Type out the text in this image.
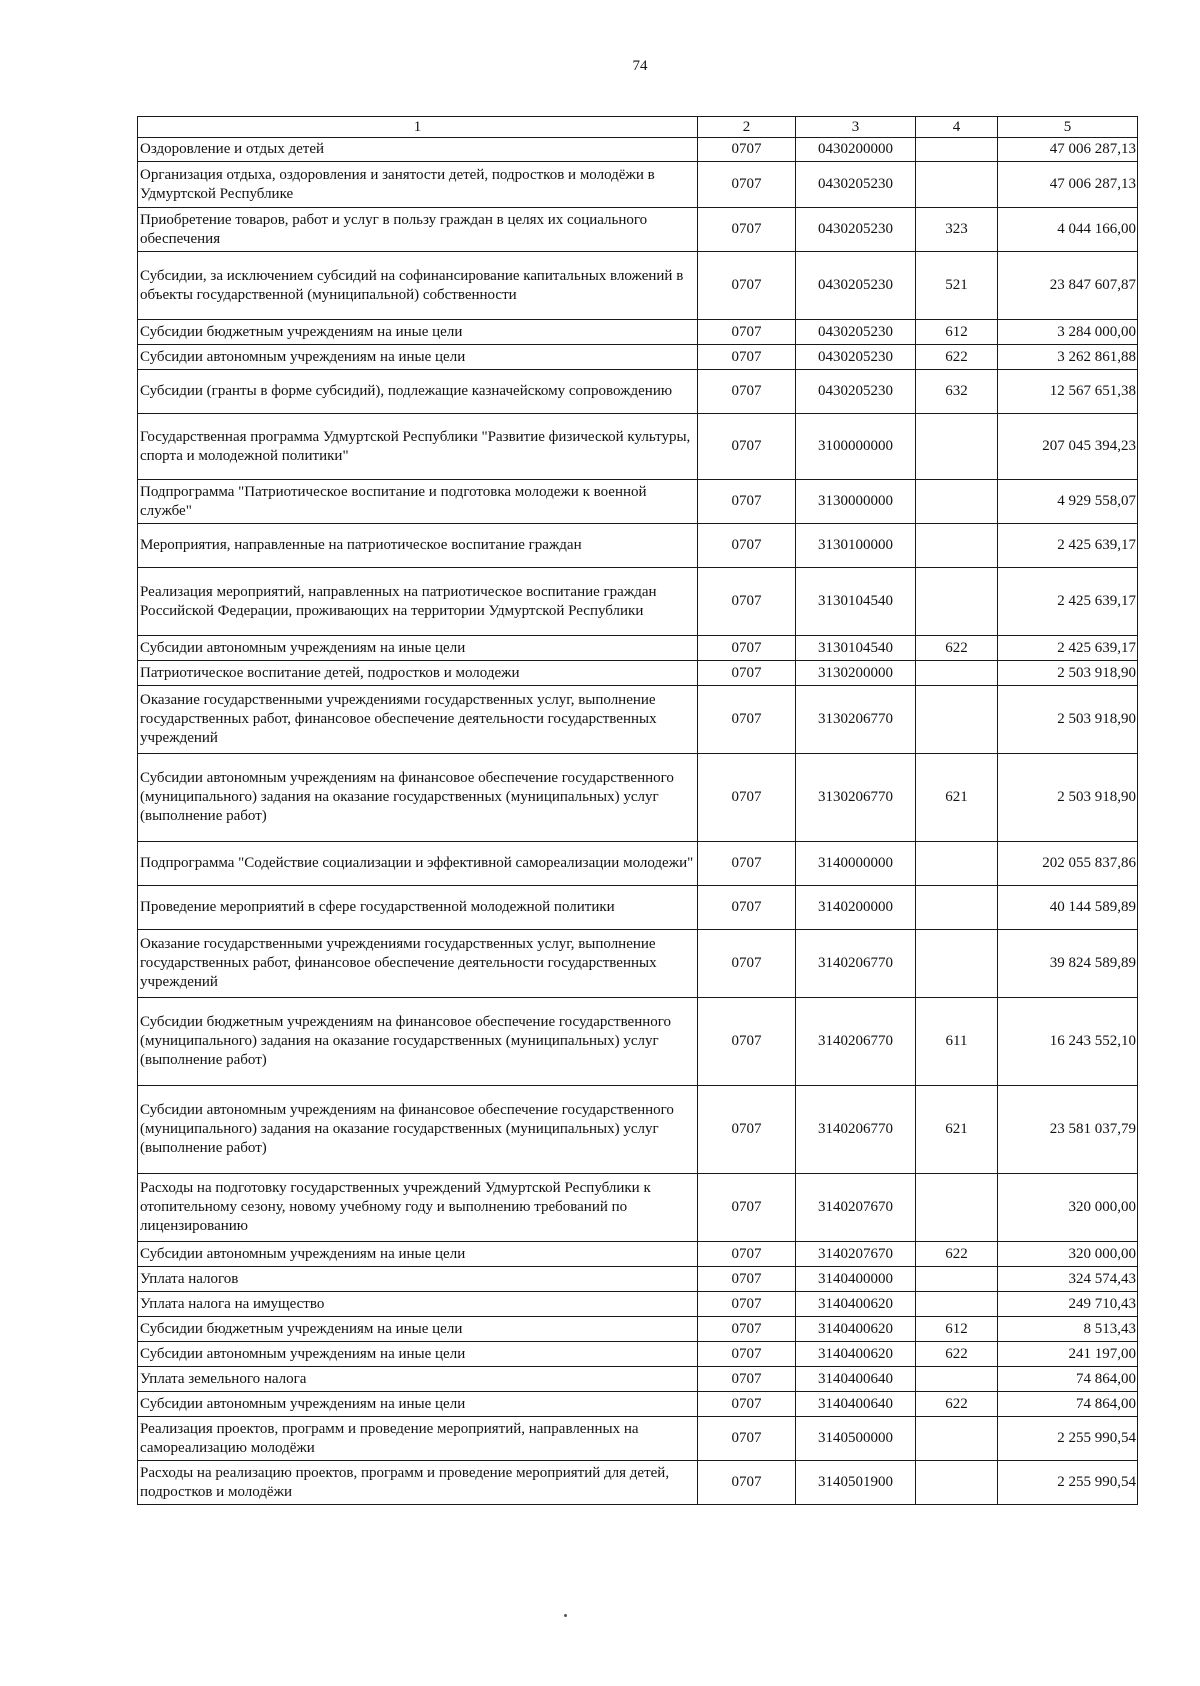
74
1	2	3	4	5
Оздоровление и отдых детей	0707	0430200000		47 006 287,13
Организация отдыха, оздоровления и занятости детей, подростков и молодёжи в Удмуртской Республике	0707	0430205230		47 006 287,13
Приобретение товаров, работ и услуг в пользу граждан в целях их социального обеспечения	0707	0430205230	323	4 044 166,00
Субсидии, за исключением субсидий на софинансирование капитальных вложений в объекты государственной (муниципальной) собственности	0707	0430205230	521	23 847 607,87
Субсидии бюджетным учреждениям на иные цели	0707	0430205230	612	3 284 000,00
Субсидии автономным учреждениям на иные цели	0707	0430205230	622	3 262 861,88
Субсидии (гранты в форме субсидий), подлежащие казначейскому сопровождению	0707	0430205230	632	12 567 651,38
Государственная программа Удмуртской Республики "Развитие физической культуры, спорта и молодежной политики"	0707	3100000000		207 045 394,23
Подпрограмма "Патриотическое воспитание и подготовка молодежи к военной службе"	0707	3130000000		4 929 558,07
Мероприятия, направленные на патриотическое воспитание граждан	0707	3130100000		2 425 639,17
Реализация мероприятий, направленных на патриотическое воспитание граждан Российской Федерации, проживающих на территории Удмуртской Республики	0707	3130104540		2 425 639,17
Субсидии автономным учреждениям на иные цели	0707	3130104540	622	2 425 639,17
Патриотическое воспитание детей, подростков и молодежи	0707	3130200000		2 503 918,90
Оказание государственными учреждениями государственных услуг, выполнение государственных работ, финансовое обеспечение деятельности государственных учреждений	0707	3130206770		2 503 918,90
Субсидии автономным учреждениям на финансовое обеспечение государственного (муниципального) задания на оказание государственных (муниципальных) услуг (выполнение работ)	0707	3130206770	621	2 503 918,90
Подпрограмма "Содействие социализации и эффективной самореализации молодежи"	0707	3140000000		202 055 837,86
Проведение мероприятий в сфере государственной молодежной политики	0707	3140200000		40 144 589,89
Оказание государственными учреждениями государственных услуг, выполнение государственных работ, финансовое обеспечение деятельности государственных учреждений	0707	3140206770		39 824 589,89
Субсидии бюджетным учреждениям на финансовое обеспечение государственного (муниципального) задания на оказание государственных (муниципальных) услуг (выполнение работ)	0707	3140206770	611	16 243 552,10
Субсидии автономным учреждениям на финансовое обеспечение государственного (муниципального) задания на оказание государственных (муниципальных) услуг (выполнение работ)	0707	3140206770	621	23 581 037,79
Расходы на подготовку государственных учреждений Удмуртской Республики к отопительному сезону, новому учебному году и выполнению требований по лицензированию	0707	3140207670		320 000,00
Субсидии автономным учреждениям на иные цели	0707	3140207670	622	320 000,00
Уплата налогов	0707	3140400000		324 574,43
Уплата налога на имущество	0707	3140400620		249 710,43
Субсидии бюджетным учреждениям на иные цели	0707	3140400620	612	8 513,43
Субсидии автономным учреждениям на иные цели	0707	3140400620	622	241 197,00
Уплата земельного налога	0707	3140400640		74 864,00
Субсидии автономным учреждениям на иные цели	0707	3140400640	622	74 864,00
Реализация проектов, программ и проведение мероприятий, направленных на самореализацию молодёжи	0707	3140500000		2 255 990,54
Расходы на реализацию проектов, программ и проведение мероприятий для детей, подростков и молодёжи	0707	3140501900		2 255 990,54
